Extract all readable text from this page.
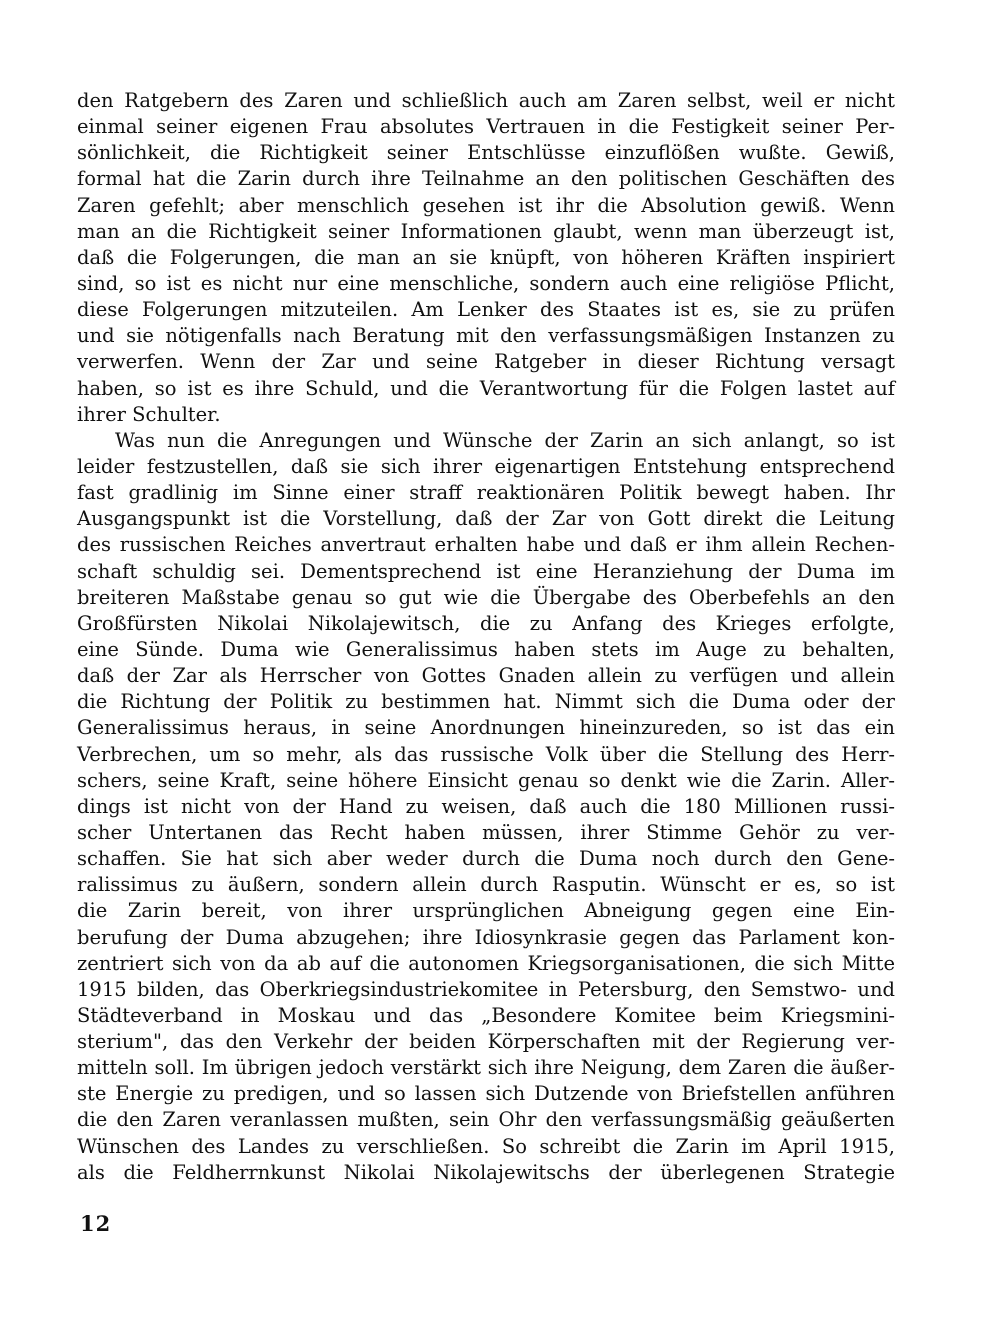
den Ratgebern des Zaren und schließlich auch am Zaren selbst, weil er nicht
einmal seiner eigenen Frau absolutes Vertrauen in die Festigkeit seiner Per-
sönlichkeit, die Richtigkeit seiner Entschlüsse einzuflößen wußte. Gewiß,
formal hat die Zarin durch ihre Teilnahme an den politischen Geschäften des
Zaren gefehlt; aber menschlich gesehen ist ihr die Absolution gewiß. Wenn
man an die Richtigkeit seiner Informationen glaubt, wenn man überzeugt ist,
daß die Folgerungen, die man an sie knüpft, von höheren Kräften inspiriert
sind, so ist es nicht nur eine menschliche, sondern auch eine religiöse Pflicht,
diese Folgerungen mitzuteilen. Am Lenker des Staates ist es, sie zu prüfen
und sie nötigenfalls nach Beratung mit den verfassungsmäßigen Instanzen zu
verwerfen. Wenn der Zar und seine Ratgeber in dieser Richtung versagt
haben, so ist es ihre Schuld, und die Verantwortung für die Folgen lastet auf
ihrer Schulter.
Was nun die Anregungen und Wünsche der Zarin an sich anlangt, so ist
leider festzustellen, daß sie sich ihrer eigenartigen Entstehung entsprechend
fast gradlinig im Sinne einer straff reaktionären Politik bewegt haben. Ihr
Ausgangspunkt ist die Vorstellung, daß der Zar von Gott direkt die Leitung
des russischen Reiches anvertraut erhalten habe und daß er ihm allein Rechen-
schaft schuldig sei. Dementsprechend ist eine Heranziehung der Duma im
breiteren Maßstabe genau so gut wie die Übergabe des Oberbefehls an den
Großfürsten Nikolai Nikolajewitsch, die zu Anfang des Krieges erfolgte,
eine Sünde. Duma wie Generalissimus haben stets im Auge zu behalten,
daß der Zar als Herrscher von Gottes Gnaden allein zu verfügen und allein
die Richtung der Politik zu bestimmen hat. Nimmt sich die Duma oder der
Generalissimus heraus, in seine Anordnungen hineinzureden, so ist das ein
Verbrechen, um so mehr, als das russische Volk über die Stellung des Herr-
schers, seine Kraft, seine höhere Einsicht genau so denkt wie die Zarin. Aller-
dings ist nicht von der Hand zu weisen, daß auch die 180 Millionen russi-
scher Untertanen das Recht haben müssen, ihrer Stimme Gehör zu ver-
schaffen. Sie hat sich aber weder durch die Duma noch durch den Gene-
ralissimus zu äußern, sondern allein durch Rasputin. Wünscht er es, so ist
die Zarin bereit, von ihrer ursprünglichen Abneigung gegen eine Ein-
berufung der Duma abzugehen; ihre Idiosynkrasie gegen das Parlament kon-
zentriert sich von da ab auf die autonomen Kriegsorganisationen, die sich Mitte
1915 bilden, das Oberkriegsindustriekomitee in Petersburg, den Semstwo- und
Städteverband in Moskau und das „Besondere Komitee beim Kriegsmini-
sterium", das den Verkehr der beiden Körperschaften mit der Regierung ver-
mitteln soll. Im übrigen jedoch verstärkt sich ihre Neigung, dem Zaren die äußer-
ste Energie zu predigen, und so lassen sich Dutzende von Briefstellen anführen
die den Zaren veranlassen mußten, sein Ohr den verfassungsmäßig geäußerten
Wünschen des Landes zu verschließen. So schreibt die Zarin im April 1915,
als die Feldherrnkunst Nikolai Nikolajewitschs der überlegenen Strategie
12
